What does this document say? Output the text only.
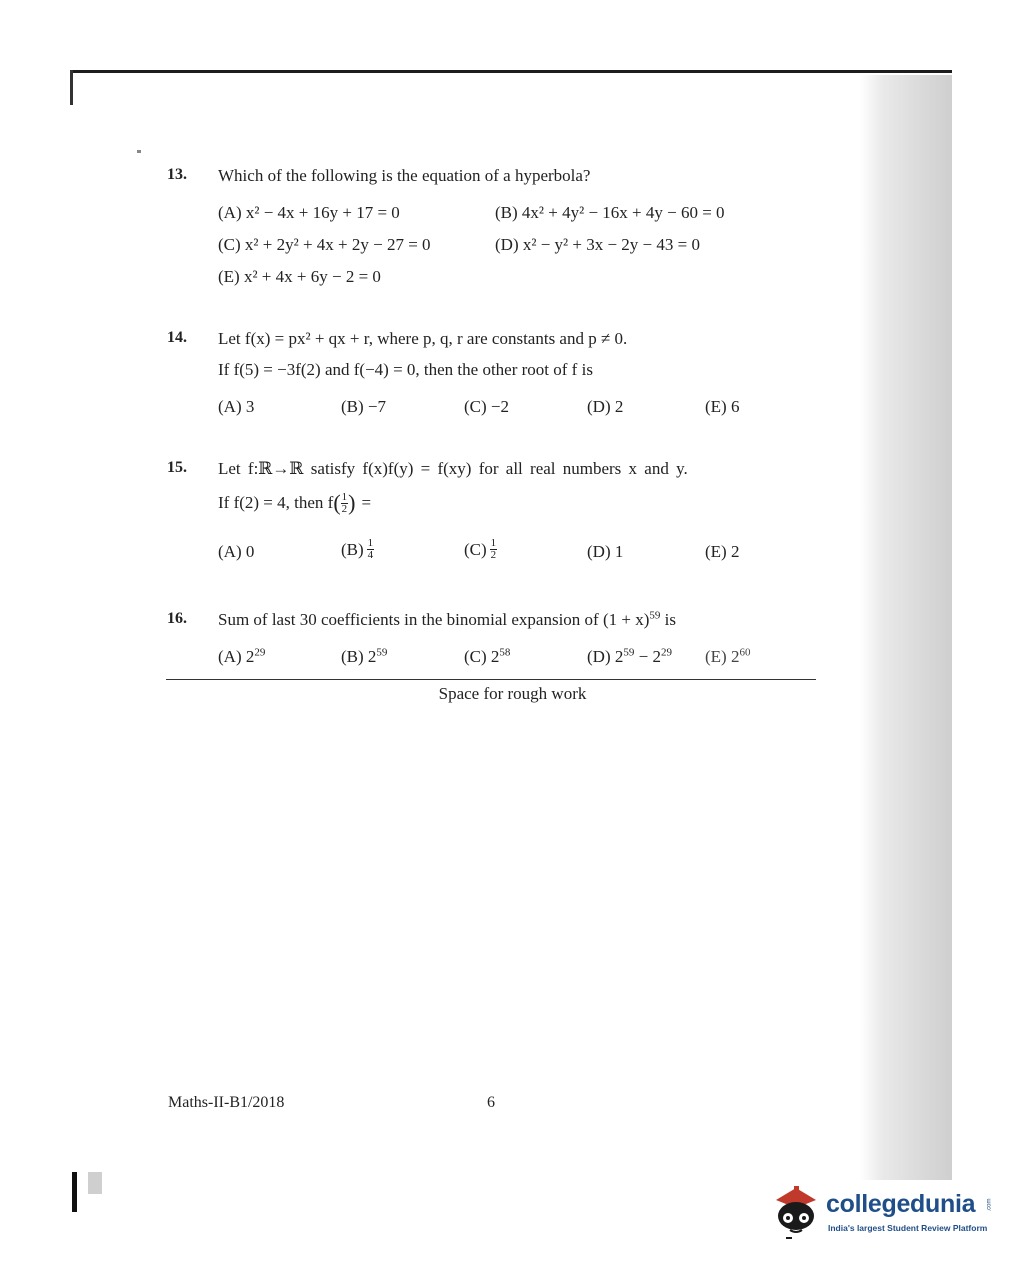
13. Which of the following is the equation of a hyperbola?
(A) x² − 4x + 16y + 17 = 0	(B) 4x² + 4y² − 16x + 4y − 60 = 0
(C) x² + 2y² + 4x + 2y − 27 = 0	(D) x² − y² + 3x − 2y − 43 = 0
(E) x² + 4x + 6y − 2 = 0
14. Let f(x) = px² + qx + r, where p, q, r are constants and p ≠ 0.
If f(5) = −3f(2) and f(−4) = 0, then the other root of f is
(A) 3	(B) −7	(C) −2	(D) 2	(E) 6
15. Let f:ℝ→ℝ satisfy f(x)f(y) = f(xy) for all real numbers x and y.
If f(2) = 4, then f ( $\frac{1}{2}$ ) =
(A) 0	$(B) \frac{1}{4}$	$(C) \frac{1}{2}$	(D) 1	(E) 2
16. Sum of last 30 coefficients in the binomial expansion of $(1 + x)^{59}$ is
(A) $2^{29}$	(B) $2^{59}$	(C) $2^{58}$	(D) $2^{59} - 2^{29}$ (E) $2^{60}$
Space for rough work
Maths-II-B1/2018	6
collegedunia .com
India's largest Student Review Platform
